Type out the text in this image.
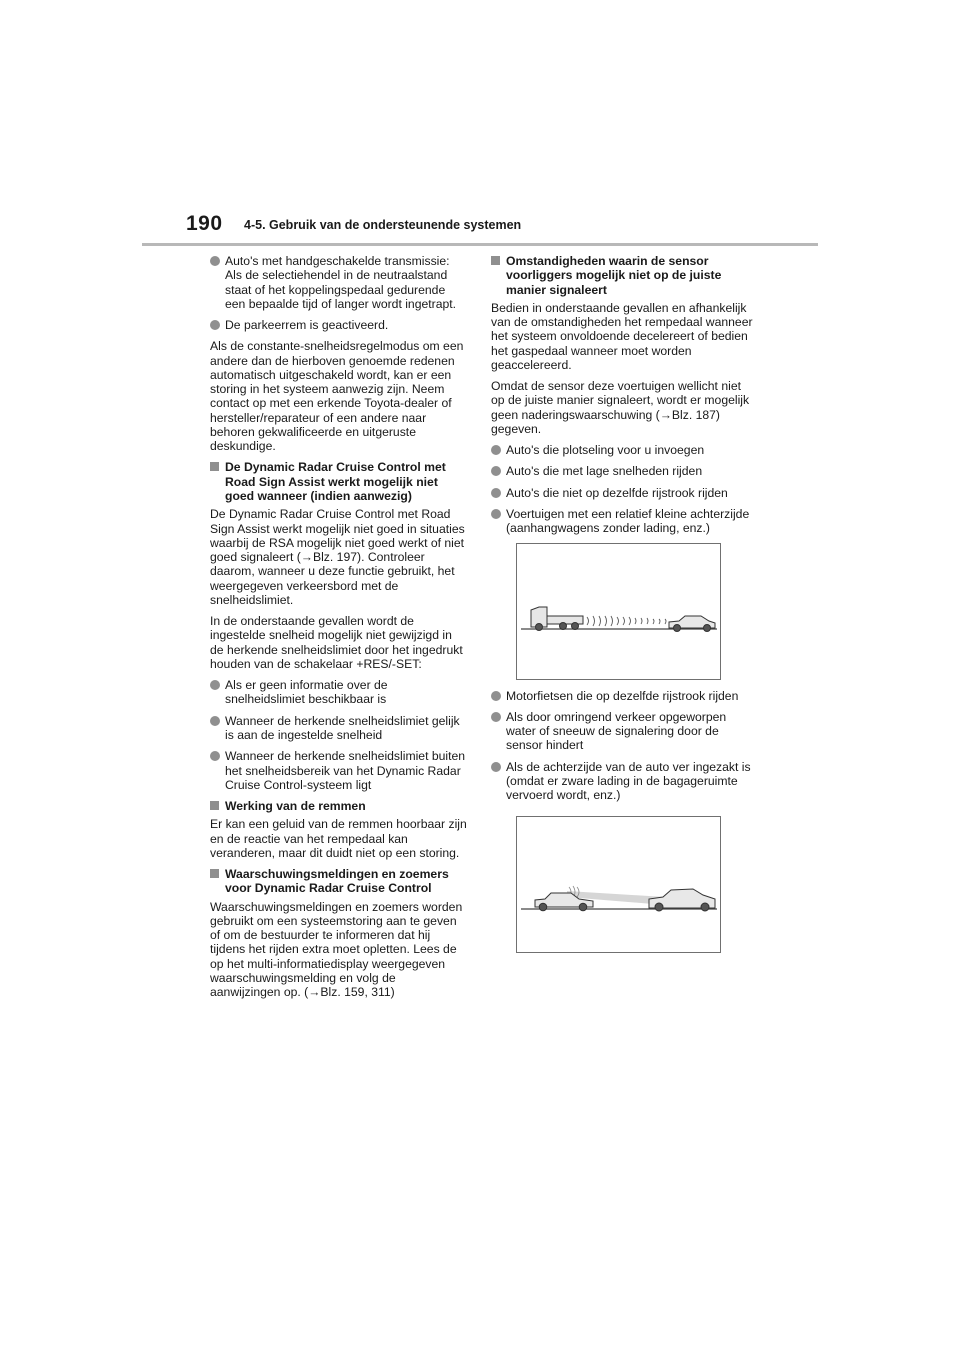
190 4-5. Gebruik van de ondersteunende systemen
Auto's met handgeschakelde transmissie: Als de selectiehendel in de neutraalstand staat of het koppelingspedaal gedurende een bepaalde tijd of langer wordt ingetrapt.
De parkeerrem is geactiveerd.

Als de constante-snelheidsregelmodus om een andere dan de hierboven genoemde redenen automatisch uitgeschakeld wordt, kan er een storing in het systeem aanwezig zijn. Neem contact op met een erkende Toyota-dealer of hersteller/reparateur of een andere naar behoren gekwalificeerde en uitgeruste deskundige.

De Dynamic Radar Cruise Control met Road Sign Assist werkt mogelijk niet goed wanneer (indien aanwezig)

De Dynamic Radar Cruise Control met Road Sign Assist werkt mogelijk niet goed in situaties waarbij de RSA mogelijk niet goed werkt of niet goed signaleert (→Blz. 197). Controleer daarom, wanneer u deze functie gebruikt, het weergegeven verkeersbord met de snelheidslimiet.

In de onderstaande gevallen wordt de ingestelde snelheid mogelijk niet gewijzigd in de herkende snelheidslimiet door het ingedrukt houden van de schakelaar +RES/-SET:

Als er geen informatie over de snelheidslimiet beschikbaar is
Wanneer de herkende snelheidslimiet gelijk is aan de ingestelde snelheid
Wanneer de herkende snelheidslimiet buiten het snelheidsbereik van het Dynamic Radar Cruise Control-systeem ligt
Werking van de remmen

Er kan een geluid van de remmen hoorbaar zijn en de reactie van het rempedaal kan veranderen, maar dit duidt niet op een storing.

Waarschuwingsmeldingen en zoemers voor Dynamic Radar Cruise Control

Waarschuwingsmeldingen en zoemers worden gebruikt om een systeemstoring aan te geven of om de bestuurder te informeren dat hij tijdens het rijden extra moet opletten. Lees de op het multi-informatiedisplay weergegeven waarschuwingsmelding en volg de aanwijzingen op. (→Blz. 159, 311)

Omstandigheden waarin de sensor voorliggers mogelijk niet op de juiste manier signaleert

Bedien in onderstaande gevallen en afhankelijk van de omstandigheden het rempedaal wanneer het systeem onvoldoende decelereert of bedien het gaspedaal wanneer moet worden geaccelereerd.

Omdat de sensor deze voertuigen wellicht niet op de juiste manier signaleert, wordt er mogelijk geen naderingswaarschuwing (→Blz. 187) gegeven.

Auto's die plotseling voor u invoegen
Auto's die met lage snelheden rijden
Auto's die niet op dezelfde rijstrook rijden
Voertuigen met een relatief kleine achterzijde (aanhangwagens zonder lading, enz.)
Motorfietsen die op dezelfde rijstrook rijden
Als door omringend verkeer opgeworpen water of sneeuw de signalering door de sensor hindert
Als de achterzijde van de auto ver ingezakt is (omdat er zware lading in de bagageruimte vervoerd wordt, enz.)
